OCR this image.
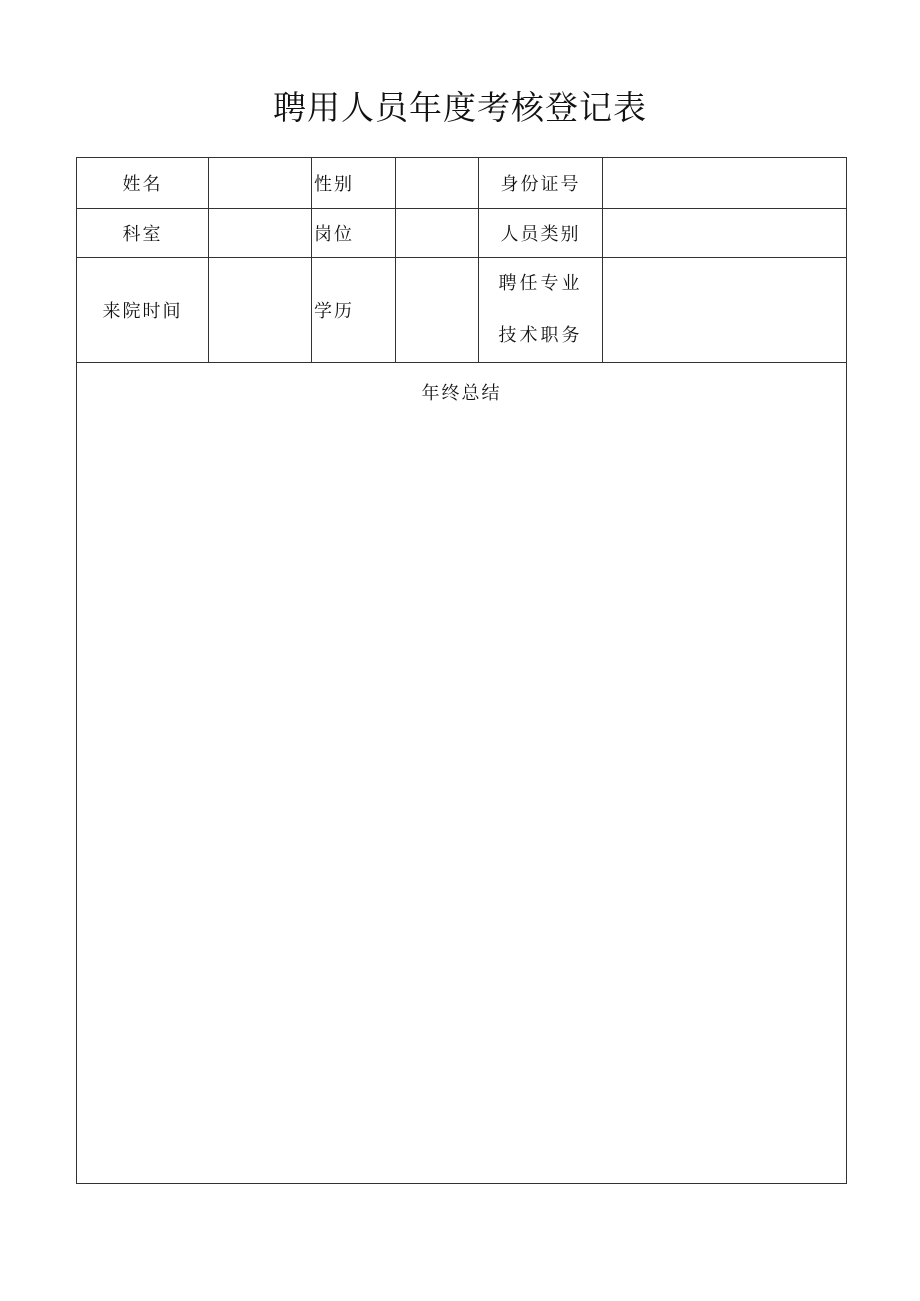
聘用人员年度考核登记表
姓名		性别		身份证号	
科室		岗位		人员类别	
来院时间		学历		聘任专业
技术职务	

年终总结					
